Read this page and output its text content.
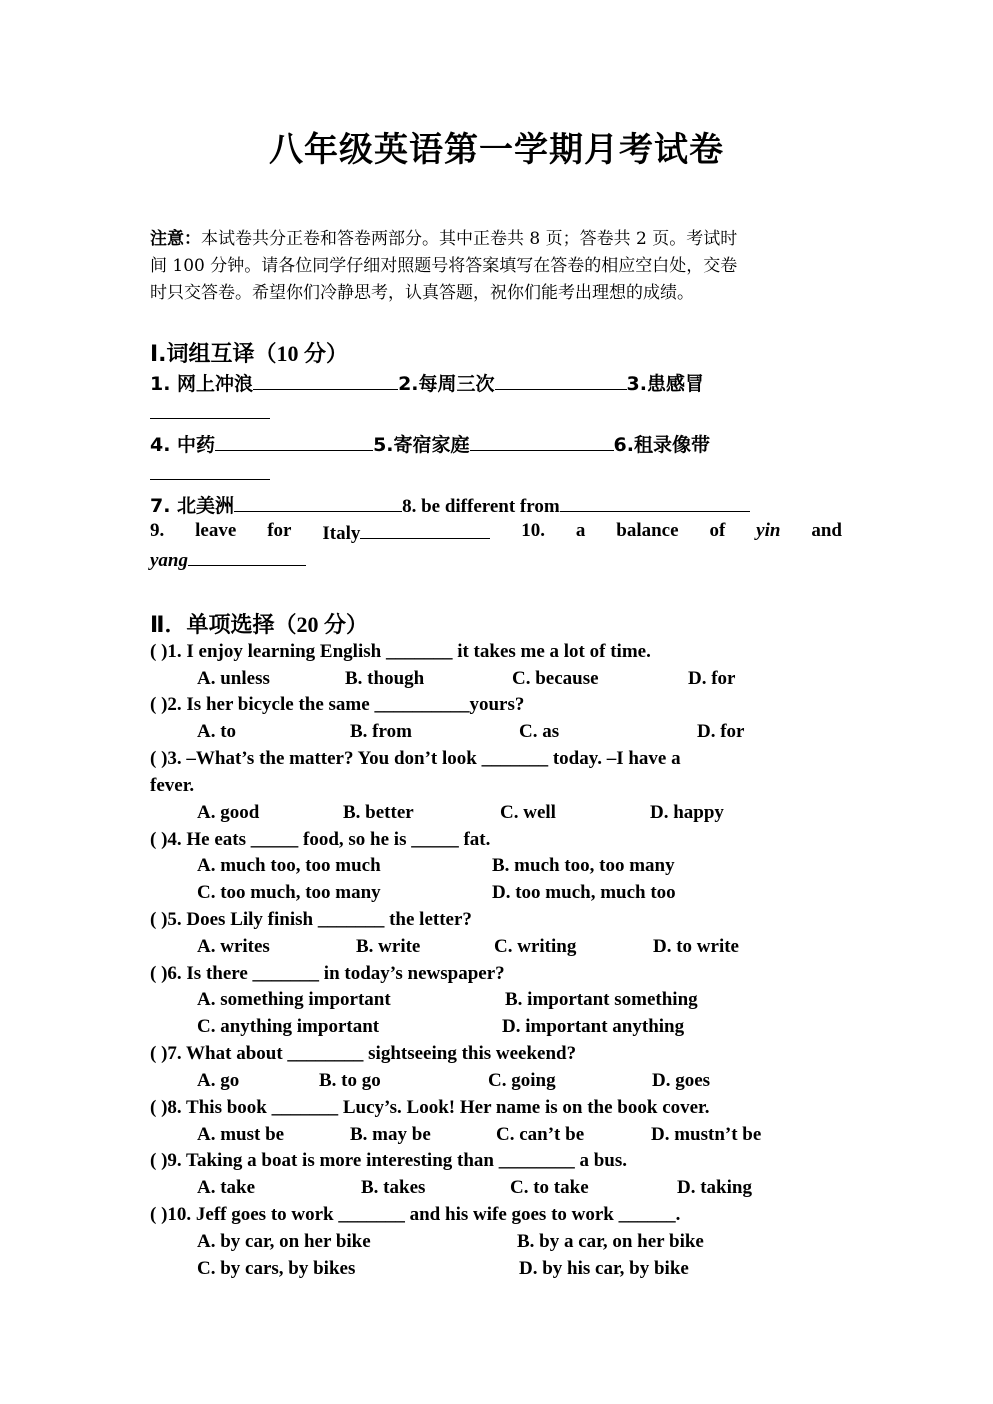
八年级英语第一学期月考试卷
注意：本试卷共分正卷和答卷两部分。其中正卷共 8 页；答卷共 2 页。考试时
间 100 分钟。请各位同学仔细对照题号将答案填写在答卷的相应空白处，交卷
时只交答卷。希望你们冷静思考，认真答题，祝你们能考出理想的成绩。
Ⅰ.词组互译（10 分）
1. 网上冲浪	2.每周三次	3.患感冒
4. 中药	5.寄宿家庭	6.租录像带
7. 北美洲	8. be different from
9. leave for Italy	10. a balance of yin and
yang
Ⅱ．单项选择（20 分）
( )1. I enjoy learning English _______ it takes me a lot of time.
A. unless	B. though	C. because	D. for
( )2. Is her bicycle the same __________yours?
A. to	B. from	C. as	D. for
( )3. –What’s the matter? You don’t look _______ today. –I have a
fever.
A. good	B. better	C. well	D. happy
( )4. He eats _____ food, so he is _____ fat.
A. much too, too much	B. much too, too many
C. too much, too many	D. too much, much too
( )5. Does Lily finish _______ the letter?
A. writes	B. write	C. writing	D. to write
( )6. Is there _______ in today’s newspaper?
A. something important	B. important something
C. anything important	D. important anything
( )7. What about ________ sightseeing this weekend?
A. go	B. to go	C. going	D. goes
( )8. This book _______ Lucy’s. Look! Her name is on the book cover.
A. must be	B. may be	C. can’t be	D. mustn’t be
( )9. Taking a boat is more interesting than ________ a bus.
A. take	B. takes	C. to take	D. taking
( )10. Jeff goes to work _______ and his wife goes to work ______.
A. by car, on her bike	B. by a car, on her bike
C. by cars, by bikes	D. by his car, by bike
